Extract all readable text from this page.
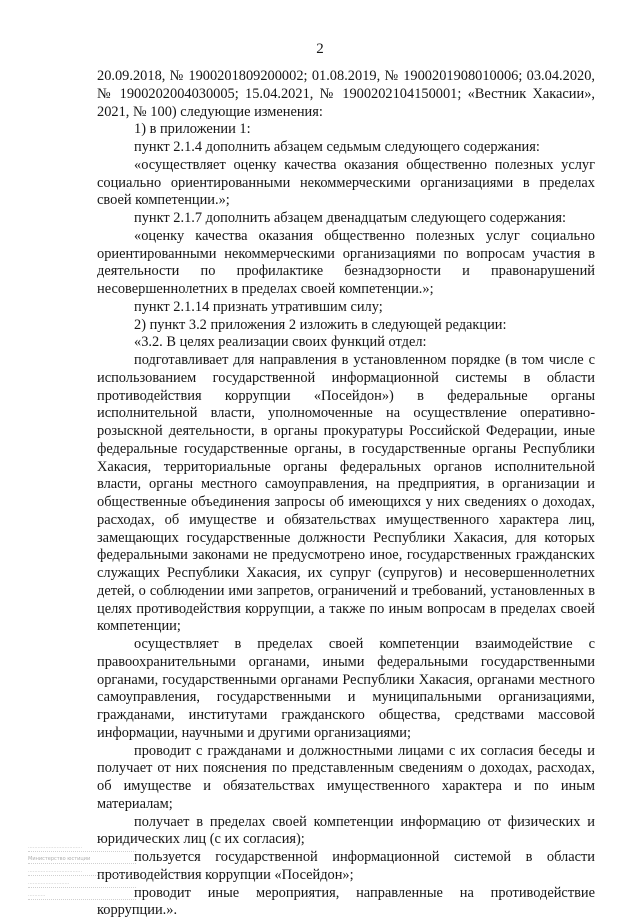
2

20.09.2018, № 1900201809200002; 01.08.2019, № 1900201908010006; 03.04.2020, № 1900202004030005; 15.04.2021, № 1900202104150001; «Вестник Хакасии», 2021, № 100) следующие изменения:

1) в приложении 1:

пункт 2.1.4 дополнить абзацем седьмым следующего содержания:

«осуществляет оценку качества оказания общественно полезных услуг социально ориентированными некоммерческими организациями в пределах своей компетенции.»;

пункт 2.1.7 дополнить абзацем двенадцатым следующего содержания:

«оценку качества оказания общественно полезных услуг социально ориентированными некоммерческими организациями по вопросам участия в деятельности по профилактике безнадзорности и правонарушений несовершеннолетних в пределах своей компетенции.»;

пункт 2.1.14 признать утратившим силу;

2) пункт 3.2 приложения 2 изложить в следующей редакции:

«3.2. В целях реализации своих функций отдел:

подготавливает для направления в установленном порядке (в том числе с использованием государственной информационной системы в области противодействия коррупции «Посейдон») в федеральные органы исполнительной власти, уполномоченные на осуществление оперативно-розыскной деятельности, в органы прокуратуры Российской Федерации, иные федеральные государственные органы, в государственные органы Республики Хакасия, территориальные органы федеральных органов исполнительной власти, органы местного самоуправления, на предприятия, в организации и общественные объединения запросы об имеющихся у них сведениях о доходах, расходах, об имуществе и обязательствах имущественного характера лиц, замещающих государственные должности Республики Хакасия, для которых федеральными законами не предусмотрено иное, государственных гражданских служащих Республики Хакасия, их супруг (супругов) и несовершеннолетних детей, о соблюдении ими запретов, ограничений и требований, установленных в целях противодействия коррупции, а также по иным вопросам в пределах своей компетенции;

осуществляет в пределах своей компетенции взаимодействие с правоохранительными органами, иными федеральными государственными органами, государственными органами Республики Хакасия, органами местного самоуправления, государственными и муниципальными организациями, гражданами, институтами гражданского общества, средствами массовой информации, научными и другими организациями;

проводит с гражданами и должностными лицами с их согласия беседы и получает от них пояснения по представленным сведениям о доходах, расходах, об имуществе и обязательствах имущественного характера и по иным материалам;

получает в пределах своей компетенции информацию от физических и юридических лиц (с их согласия);

пользуется государственной информационной системой в области противодействия коррупции «Посейдон»;

проводит иные мероприятия, направленные на противодействие коррупции.».

..................................
Министерство юстиции
..................................
..........................
...........
